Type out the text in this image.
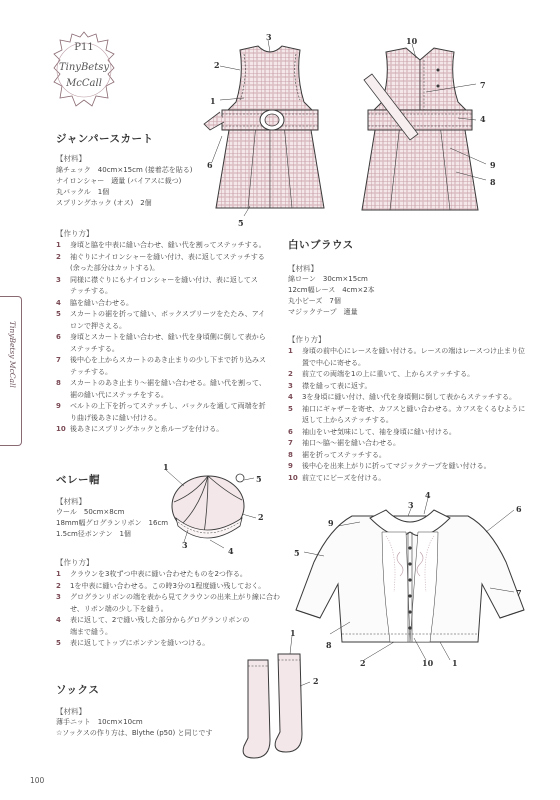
P11
TinyBetsy
McCall
TinyBetsy McCall
2
1
3
6
5
10
7
4
9
8
ジャンパースカート
【材料】
綿チェック　40cm×15cm (接着芯を貼る)
ナイロンシャー　適量 (バイアスに裁つ)
丸バックル　1個
スプリングホック (オス)　2個
【作り方】
1 身頃と脇を中表に縫い合わせ、縫い代を割ってステッチする。
2 袖ぐりにナイロンシャーを縫い付け、表に返してステッチする
(余った部分はカットする)。
3 同様に襟ぐりにもナイロンシャーを縫い付け、表に返してス
テッチする。
4 脇を縫い合わせる。
5 スカートの裾を折って縫い、ボックスプリーツをたたみ、アイ
ロンで押さえる。
6 身頃とスカートを縫い合わせ、縫い代を身頃側に倒して表から
ステッチする。
7 後中心を上からスカートのあき止まりの少し下まで折り込みス
テッチする。
8 スカートのあき止まり〜裾を縫い合わせる。縫い代を割って、
裾の縫い代にステッチをする。
9 ベルトの上下を折ってステッチし、バックルを通して両端を折
り曲げ後あきに縫い付ける。
10 後あきにスプリングホックと糸ループを付ける。
白いブラウス
【材料】
綿ローン　30cm×15cm
12cm幅レース　4cm×2本
丸小ビーズ　7個
マジックテープ　適量
【作り方】
1 身頃の前中心にレースを縫い付ける。レースの端はレースつけ止まり位
置で中心に寄せる。
2 前立ての両端を1の上に重いて、上からステッチする。
3 襟を縫って表に返す。
4 3を身頃に縫い付け、縫い代を身頃側に倒して表からステッチする。
5 袖口にギャザーを寄せ、カフスと縫い合わせる。カフスをくるむように
返して上からステッチする。
6 袖山をいせ気味にして、袖を身頃に縫い付ける。
7 袖口〜脇〜裾を縫い合わせる。
8 裾を折ってステッチする。
9 後中心を出来上がりに折ってマジックテープを縫い付ける。
10 前立てにビーズを付ける。
1
5
2
3
4
ベレー帽
【材料】
ウール　50cm×8cm
18mm幅グログランリボン　16cm
1.5cm径ボンテン　1個
【作り方】
1 クラウンを3枚ずつ中表に縫い合わせたものを2つ作る。
2 1を中表に縫い合わせる。この時3分の1程度縫い残しておく。
3 グログランリボンの端を表から見てクラウンの出来上がり線に合わ
せ、リボン端の少し下を縫う。
4 表に返して、2で縫い残した部分からグログランリボンの
端まで縫う。
5 表に返してトップにボンテンを縫いつける。
4
3
9
5
6
7
8
2	10 1
1
2
ソックス
【材料】
薄手ニット　10cm×10cm
☆ソックスの作り方は、Blythe (p50) と同じです
100
